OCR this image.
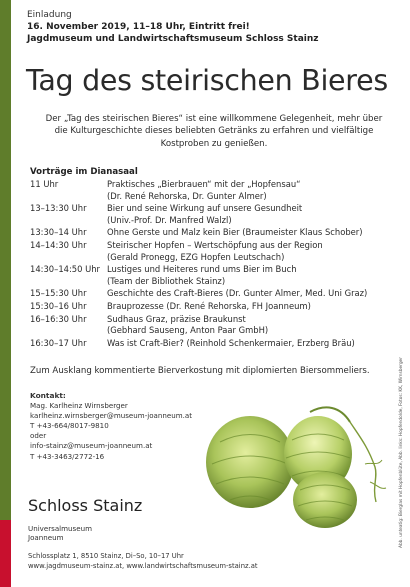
Einladung
16. November 2019, 11–18 Uhr, Eintritt frei!
Jagdmuseum und Landwirtschaftsmuseum Schloss Stainz
Tag des steirischen Bieres
Der „Tag des steirischen Bieres“ ist eine willkommene Gelegenheit, mehr über
die Kulturgeschichte dieses beliebten Getränks zu erfahren und vielfältige
Kostproben zu genießen.
Vorträge im Dianasaal
11 Uhr	Praktisches „Bierbrauen“ mit der „Hopfensau“
(Dr. René Rehorska, Dr. Gunter Almer)
13–13:30 Uhr	Bier und seine Wirkung auf unsere Gesundheit
(Univ.-Prof. Dr. Manfred Walzl)
13:30–14 Uhr	Ohne Gerste und Malz kein Bier (Braumeister Klaus Schober)
14–14:30 Uhr	Steirischer Hopfen – Wertschöpfung aus der Region
(Gerald Pronegg, EZG Hopfen Leutschach)
14:30–14:50 Uhr Lustiges und Heiteres rund ums Bier im Buch
(Team der Bibliothek Stainz)
15–15:30 Uhr	Geschichte des Craft-Bieres (Dr. Gunter Almer, Med. Uni Graz)
15:30–16 Uhr	Brauprozesse (Dr. René Rehorska, FH Joanneum)
16–16:30 Uhr	Sudhaus Graz, präzise Braukunst
(Gebhard Sauseng, Anton Paar GmbH)
16:30–17 Uhr	Was ist Craft-Bier? (Reinhold Schenkermaier, Erzberg Bräu)
Zum Ausklang kommentierte Bierverkostung mit diplomierten Biersommeliers.
Kontakt:
Mag. Karlheinz Wirnsberger
karlheinz.wirnsberger@museum-joanneum.at
T +43-664/8017-9810
oder
info-stainz@museum-joanneum.at
T +43-3463/2772-16
Schloss Stainz
Universalmuseum
Joanneum
Schlossplatz 1, 8510 Stainz, Di–So, 10–17 Uhr
www.jagdmuseum-stainz.at, www.landwirtschaftsmuseum-stainz.at
Abb. unteatig: Bierglas mit Hopfenblüte, Abb. links: Hopfendolde, Fotos: KK, Wirnsberger
